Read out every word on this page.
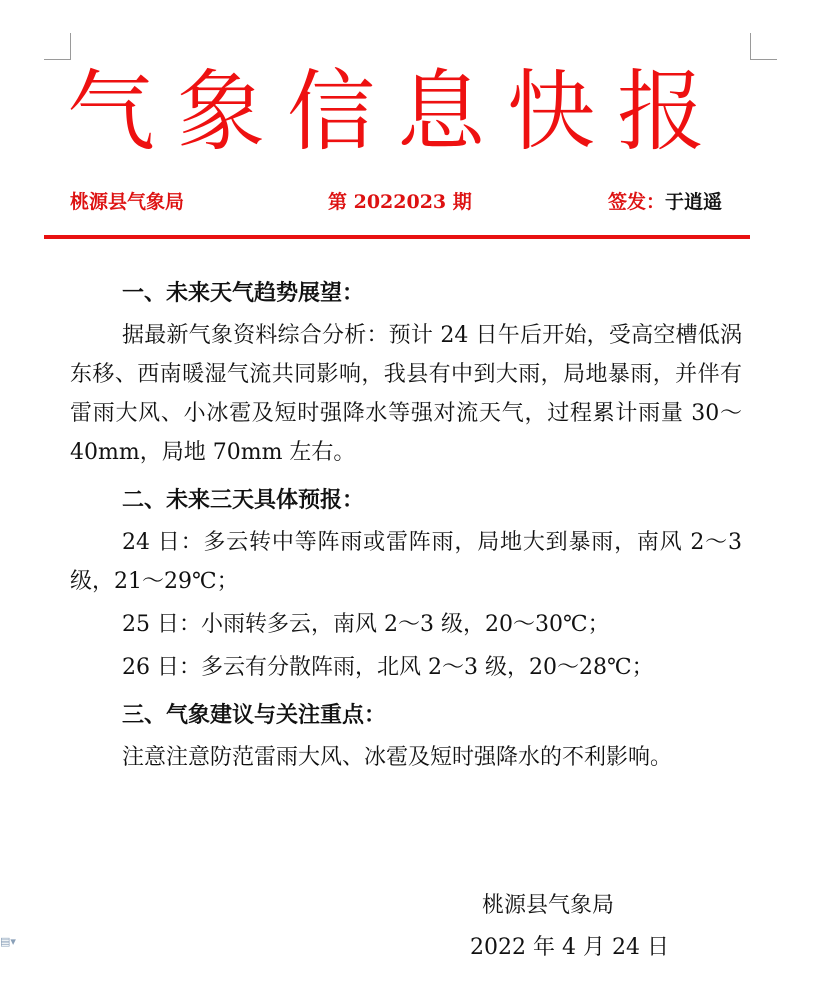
气象信息快报
桃源县气象局	第 2022023 期	签发：于逍遥

一、未来天气趋势展望：

据最新气象资料综合分析：预计 24 日午后开始，受高空槽低涡东移、西南暖湿气流共同影响，我县有中到大雨，局地暴雨，并伴有雷雨大风、小冰雹及短时强降水等强对流天气，过程累计雨量 30～40mm，局地 70mm 左右。

二、未来三天具体预报：

24 日：多云转中等阵雨或雷阵雨，局地大到暴雨，南风 2～3 级，21～29℃；

25 日：小雨转多云，南风 2～3 级，20～30℃；

26 日：多云有分散阵雨，北风 2～3 级，20～28℃；

三、气象建议与关注重点：

注意注意防范雷雨大风、冰雹及短时强降水的不利影响。

桃源县气象局
2022 年 4 月 24 日
▤▾
